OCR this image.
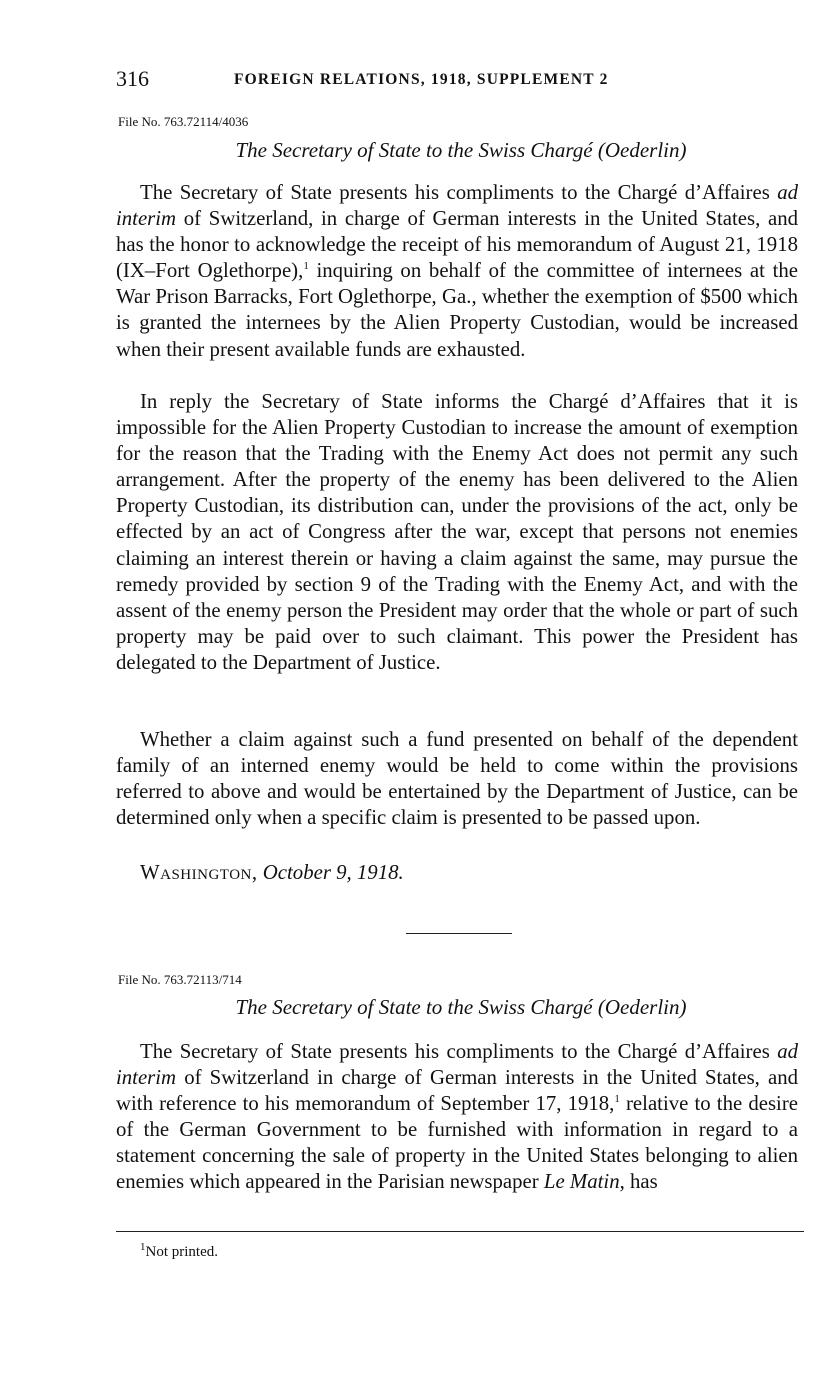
316	FOREIGN RELATIONS, 1918, SUPPLEMENT 2
File No. 763.72114/4036
The Secretary of State to the Swiss Chargé (Oederlin)

The Secretary of State presents his compliments to the Chargé d’Affaires ad interim of Switzerland, in charge of German interests in the United States, and has the honor to acknowledge the receipt of his memorandum of August 21, 1918 (IX–Fort Oglethorpe),$^1$ inquiring on behalf of the committee of internees at the War Prison Barracks, Fort Oglethorpe, Ga., whether the exemption of $500 which is granted the internees by the Alien Property Custodian, would be increased when their present available funds are exhausted.

In reply the Secretary of State informs the Chargé d’Affaires that it is impossible for the Alien Property Custodian to increase the amount of exemption for the reason that the Trading with the Enemy Act does not permit any such arrangement. After the property of the enemy has been delivered to the Alien Property Custodian, its distribution can, under the provisions of the act, only be effected by an act of Congress after the war, except that persons not enemies claiming an interest therein or having a claim against the same, may pursue the remedy provided by section 9 of the Trading with the Enemy Act, and with the assent of the enemy person the President may order that the whole or part of such property may be paid over to such claimant. This power the President has delegated to the Department of Justice.

Whether a claim against such a fund presented on behalf of the dependent family of an interned enemy would be held to come within the provisions referred to above and would be entertained by the Department of Justice, can be determined only when a specific claim is presented to be passed upon.

Washington, October 9, 1918.
File No. 763.72113/714
The Secretary of State to the Swiss Chargé (Oederlin)

The Secretary of State presents his compliments to the Chargé d’Affaires ad interim of Switzerland in charge of German interests in the United States, and with reference to his memorandum of September 17, 1918,$^1$ relative to the desire of the German Government to be furnished with information in regard to a statement concerning the sale of property in the United States belonging to alien enemies which appeared in the Parisian newspaper Le Matin, has

$^1$Not printed.
